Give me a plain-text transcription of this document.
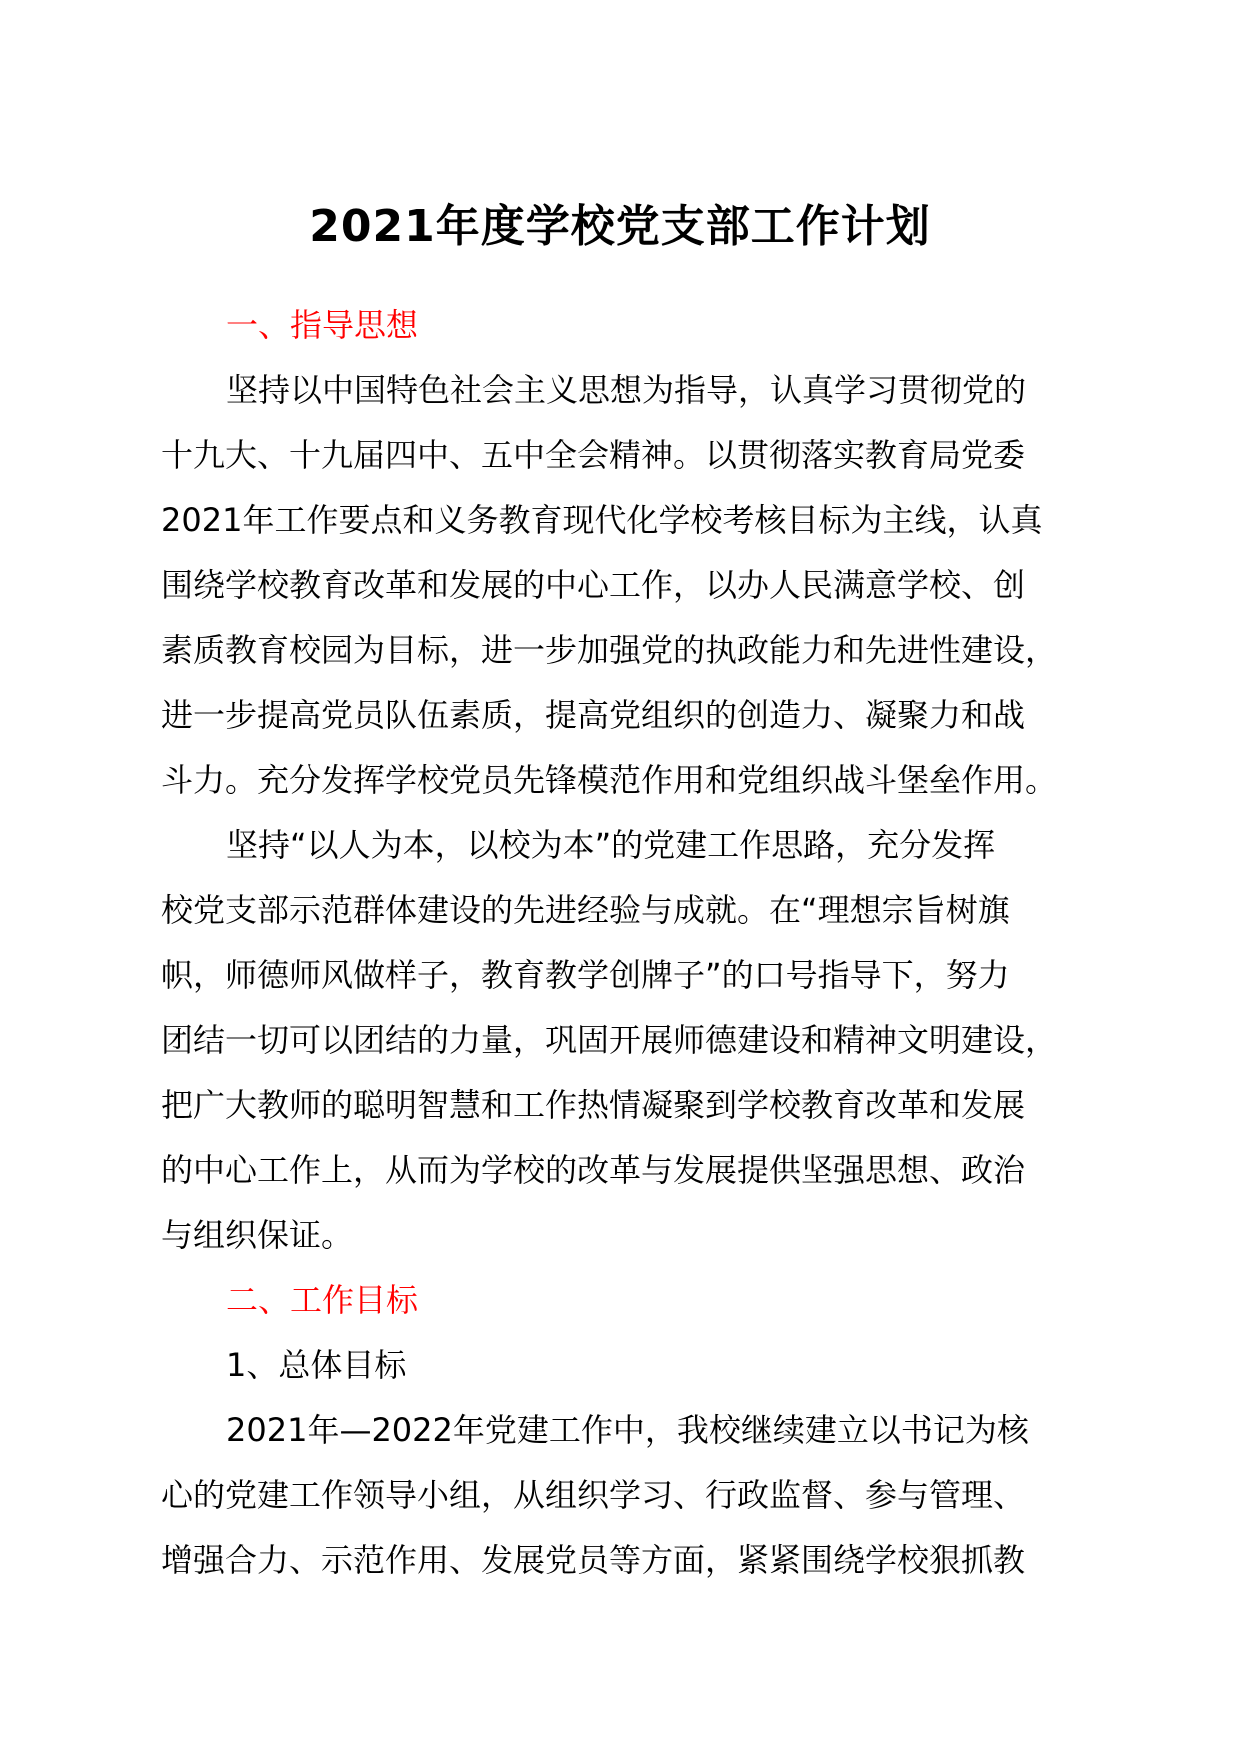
2021年度学校党支部工作计划

一、指导思想

坚持以中国特色社会主义思想为指导，认真学习贯彻党的

十九大、十九届四中、五中全会精神。以贯彻落实教育局党委

2021年工作要点和义务教育现代化学校考核目标为主线，认真

围绕学校教育改革和发展的中心工作，以办人民满意学校、创

素质教育校园为目标，进一步加强党的执政能力和先进性建设，

进一步提高党员队伍素质，提高党组织的创造力、凝聚力和战

斗力。充分发挥学校党员先锋模范作用和党组织战斗堡垒作用。

坚持“以人为本，以校为本”的党建工作思路，充分发挥

校党支部示范群体建设的先进经验与成就。在“理想宗旨树旗

帜，师德师风做样子，教育教学创牌子”的口号指导下，努力

团结一切可以团结的力量，巩固开展师德建设和精神文明建设，

把广大教师的聪明智慧和工作热情凝聚到学校教育改革和发展

的中心工作上，从而为学校的改革与发展提供坚强思想、政治

与组织保证。

二、工作目标

1、总体目标

2021年—2022年党建工作中，我校继续建立以书记为核

心的党建工作领导小组，从组织学习、行政监督、参与管理、

增强合力、示范作用、发展党员等方面，紧紧围绕学校狠抓教
